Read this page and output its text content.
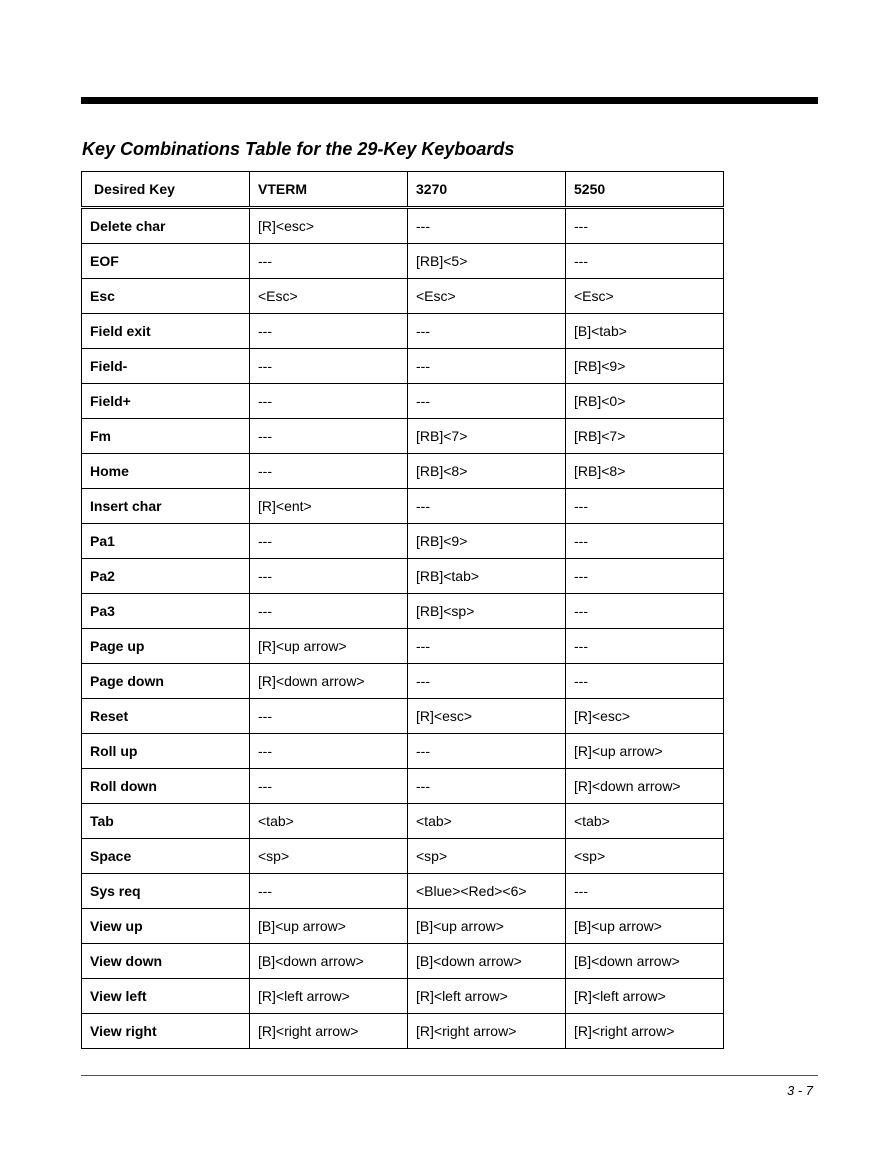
Key Combinations Table for the 29-Key Keyboards
Desired Key	VTERM	3270	5250
Delete char	[R]<esc>	---	---
EOF	---	[RB]<5>	---
Esc	<Esc>	<Esc>	<Esc>
Field exit	---	---	[B]<tab>
Field-	---	---	[RB]<9>
Field+	---	---	[RB]<0>
Fm	---	[RB]<7>	[RB]<7>
Home	---	[RB]<8>	[RB]<8>
Insert char	[R]<ent>	---	---
Pa1	---	[RB]<9>	---
Pa2	---	[RB]<tab>	---
Pa3	---	[RB]<sp>	---
Page up	[R]<up arrow>	---	---
Page down	[R]<down arrow>	---	---
Reset	---	[R]<esc>	[R]<esc>
Roll up	---	---	[R]<up arrow>
Roll down	---	---	[R]<down arrow>
Tab	<tab>	<tab>	<tab>
Space	<sp>	<sp>	<sp>
Sys req	---	<Blue><Red><6>	---
View up	[B]<up arrow>	[B]<up arrow>	[B]<up arrow>
View down	[B]<down arrow>	[B]<down arrow>	[B]<down arrow>
View left	[R]<left arrow>	[R]<left arrow>	[R]<left arrow>
View right	[R]<right arrow>	[R]<right arrow>	[R]<right arrow>
3 - 7
